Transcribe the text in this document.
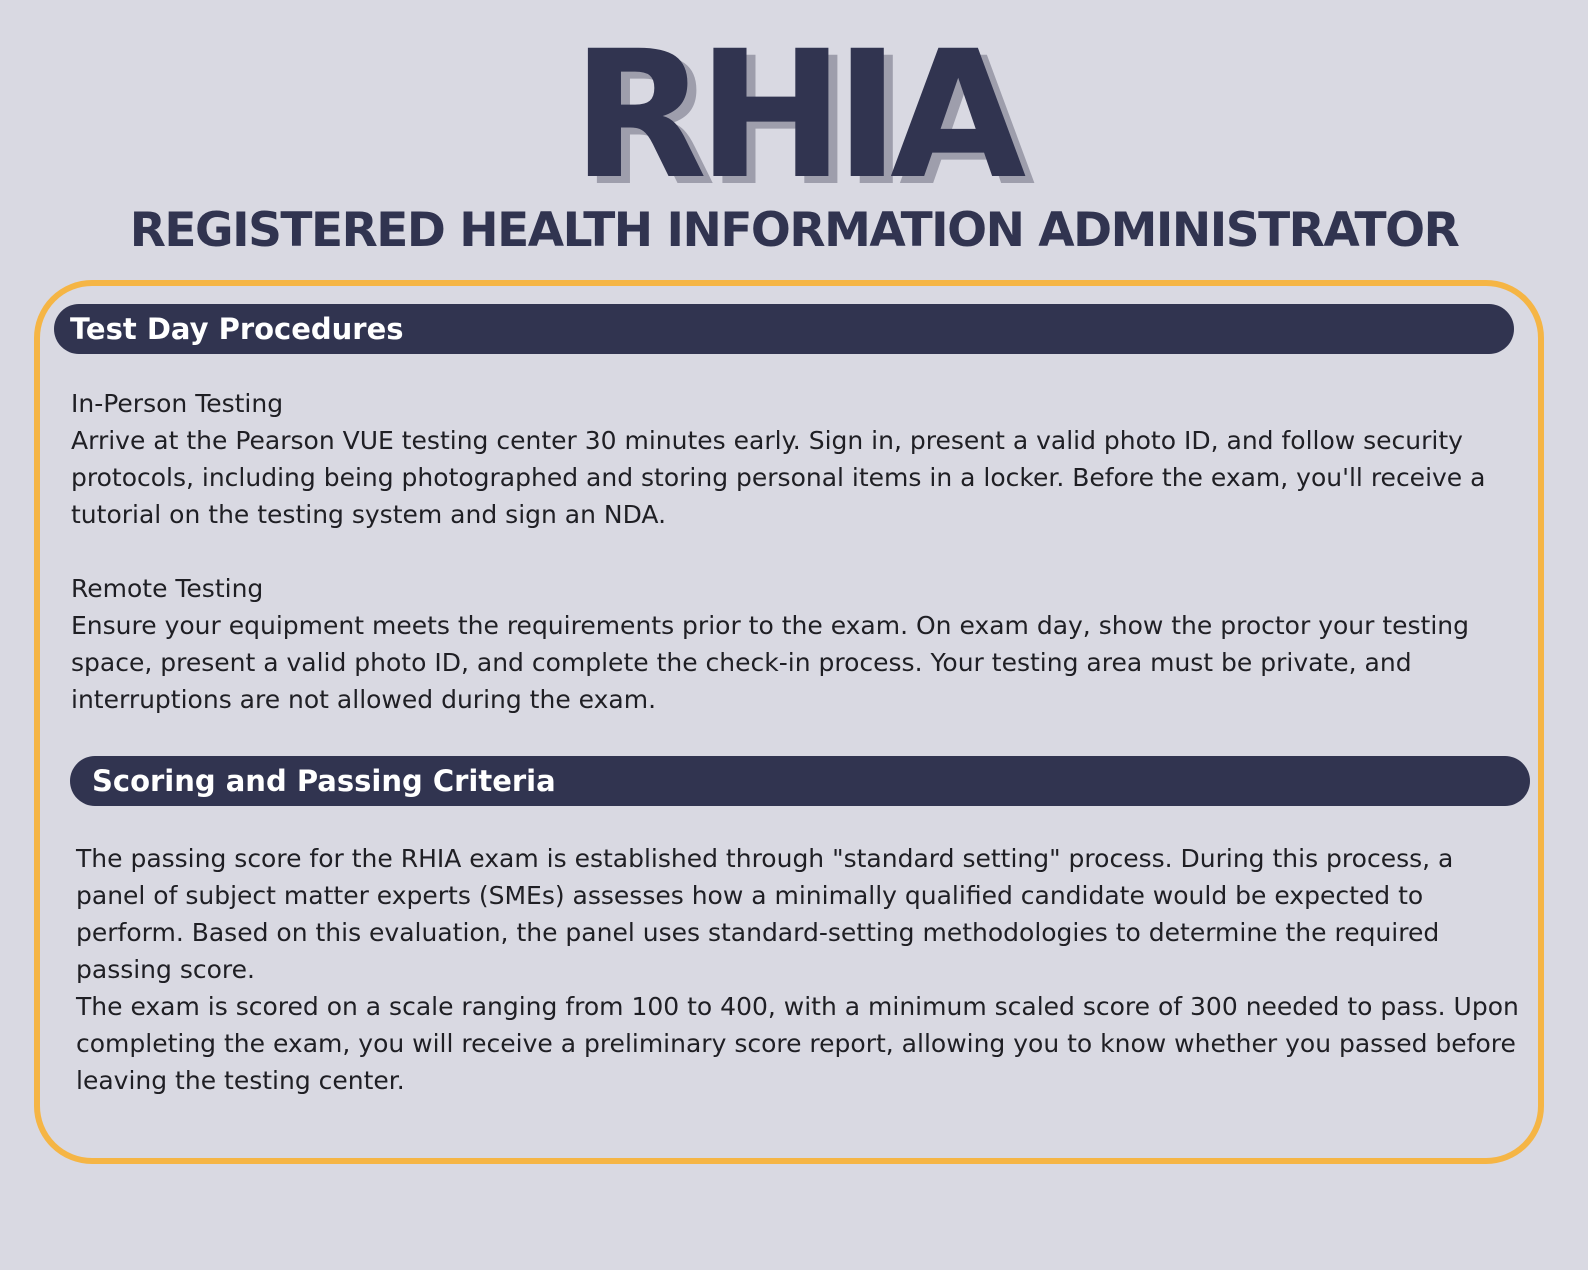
RHIA
REGISTERED HEALTH INFORMATION ADMINISTRATOR
Test Day Procedures

In-Person Testing

Arrive at the Pearson VUE testing center 30 minutes early. Sign in, present a valid photo ID, and follow security protocols, including being photographed and storing personal items in a locker. Before the exam, you'll receive a tutorial on the testing system and sign an NDA.

Remote Testing

Ensure your equipment meets the requirements prior to the exam. On exam day, show the proctor your testing space, present a valid photo ID, and complete the check-in process. Your testing area must be private, and interruptions are not allowed during the exam.

Scoring and Passing Criteria

The passing score for the RHIA exam is established through "standard setting" process. During this process, a panel of subject matter experts (SMEs) assesses how a minimally qualified candidate would be expected to perform. Based on this evaluation, the panel uses standard-setting methodologies to determine the required passing score.

The exam is scored on a scale ranging from 100 to 400, with a minimum scaled score of 300 needed to pass. Upon completing the exam, you will receive a preliminary score report, allowing you to know whether you passed before leaving the testing center.
